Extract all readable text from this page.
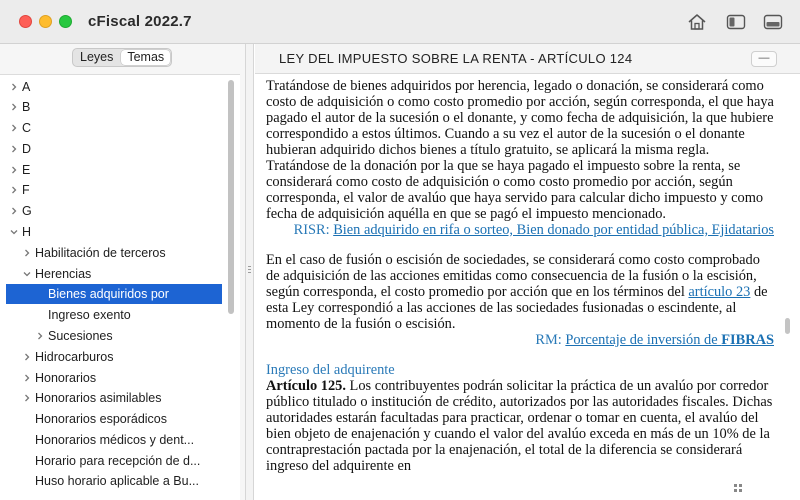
cFiscal 2022.7
Leyes	Temas
A
B
C
D
E
F
G
H
Habilitación de terceros
Herencias
Bienes adquiridos por
Ingreso exento
Sucesiones
Hidrocarburos
Honorarios
Honorarios asimilables
Honorarios esporádicos
Honorarios médicos y dent...
Horario para recepción de d...
Huso horario aplicable a Bu...
LEY DEL IMPUESTO SOBRE LA RENTA - ARTÍCULO 124	—

Tratándose de bienes adquiridos por herencia, legado o donación, se considerará como costo de adquisición o como costo promedio por acción, según corresponda, el que haya pagado el autor de la sucesión o el donante, y como fecha de adquisición, la que hubiere correspondido a estos últimos. Cuando a su vez el autor de la sucesión o el donante hubieran adquirido dichos bienes a título gratuito, se aplicará la misma regla. Tratándose de la donación por la que se haya pagado el impuesto sobre la renta, se considerará como costo de adquisición o como costo promedio por acción, según corresponda, el valor de avalúo que haya servido para calcular dicho impuesto y como fecha de adquisición aquélla en que se pagó el impuesto mencionado.

RISR: Bien adquirido en rifa o sorteo, Bien donado por entidad pública, Ejidatarios

En el caso de fusión o escisión de sociedades, se considerará como costo comprobado de adquisición de las acciones emitidas como consecuencia de la fusión o la escisión, según corresponda, el costo promedio por acción que en los términos del artículo 23 de esta Ley correspondió a las acciones de las sociedades fusionadas o escindente, al momento de la fusión o escisión.

RM: Porcentaje de inversión de FIBRAS

Ingreso del adquirente

Artículo 125. Los contribuyentes podrán solicitar la práctica de un avalúo por corredor público titulado o institución de crédito, autorizados por las autoridades fiscales. Dichas autoridades estarán facultadas para practicar, ordenar o tomar en cuenta, el avalúo del bien objeto de enajenación y cuando el valor del avalúo exceda en más de un 10% de la contraprestación pactada por la enajenación, el total de la diferencia se considerará ingreso del adquirente en
